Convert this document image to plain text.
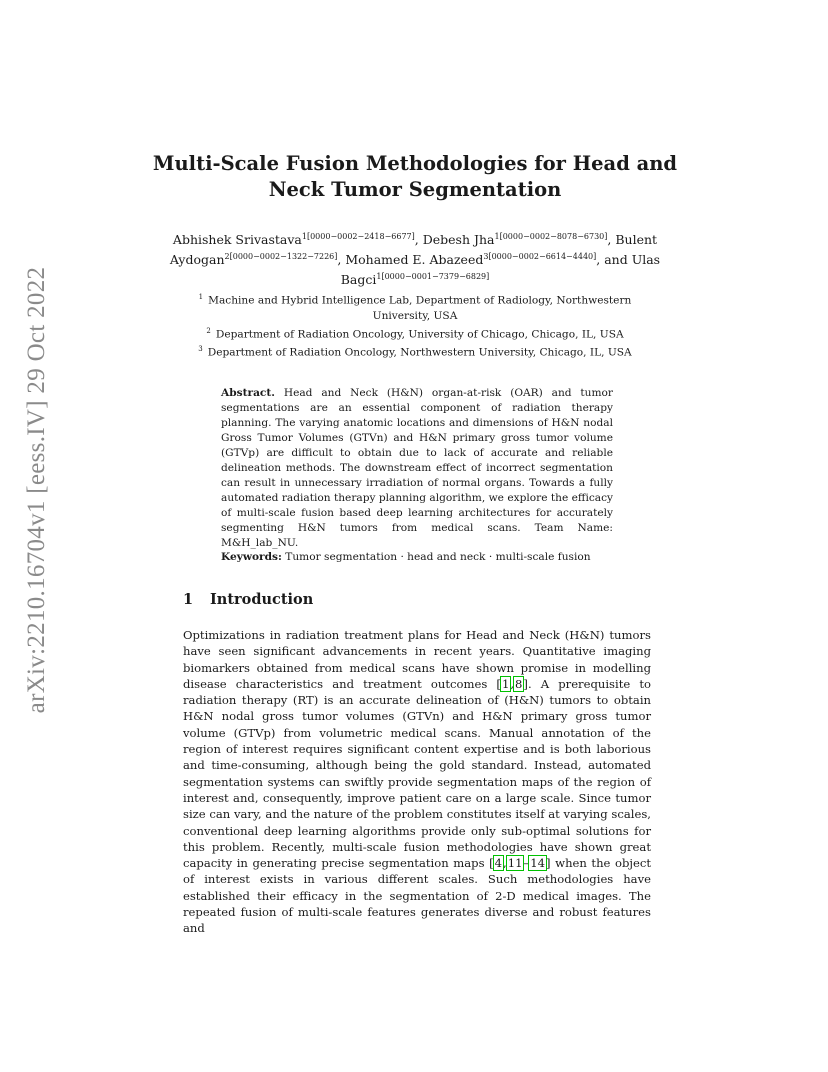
arXiv:2210.16704v1 [eess.IV] 29 Oct 2022
Multi-Scale Fusion Methodologies for Head and Neck Tumor Segmentation
Abhishek Srivastava$^{1[0000-0002-2418-6677]}$, Debesh Jha$^{1[0000-0002-8078-6730]}$, Bulent Aydogan$^{2[0000-0002-1322-7226]}$, Mohamed E. Abazeed$^{3[0000-0002-6614-4440]}$, and Ulas Bagci$^{1[0000-0001-7379-6829]}$
$^1$ Machine and Hybrid Intelligence Lab, Department of Radiology, Northwestern University, USA
$^2$ Department of Radiation Oncology, University of Chicago, Chicago, IL, USA
$^3$ Department of Radiation Oncology, Northwestern University, Chicago, IL, USA
Abstract. Head and Neck (H&N) organ-at-risk (OAR) and tumor segmentations are an essential component of radiation therapy planning. The varying anatomic locations and dimensions of H&N nodal Gross Tumor Volumes (GTVn) and H&N primary gross tumor volume (GTVp) are difficult to obtain due to lack of accurate and reliable delineation methods. The downstream effect of incorrect segmentation can result in unnecessary irradiation of normal organs. Towards a fully automated radiation therapy planning algorithm, we explore the efficacy of multi-scale fusion based deep learning architectures for accurately segmenting H&N tumors from medical scans. Team Name: M&H_lab_NU.
Keywords: Tumor segmentation · head and neck · multi-scale fusion
1 Introduction
Optimizations in radiation treatment plans for Head and Neck (H&N) tumors have seen significant advancements in recent years. Quantitative imaging biomarkers obtained from medical scans have shown promise in modelling disease characteristics and treatment outcomes [1,8]. A prerequisite to radiation therapy (RT) is an accurate delineation of (H&N) tumors to obtain H&N nodal gross tumor volumes (GTVn) and H&N primary gross tumor volume (GTVp) from volumetric medical scans. Manual annotation of the region of interest requires significant content expertise and is both laborious and time-consuming, although being the gold standard. Instead, automated segmentation systems can swiftly provide segmentation maps of the region of interest and, consequently, improve patient care on a large scale. Since tumor size can vary, and the nature of the problem constitutes itself at varying scales, conventional deep learning algorithms provide only sub-optimal solutions for this problem. Recently, multi-scale fusion methodologies have shown great capacity in generating precise segmentation maps [4,11–14] when the object of interest exists in various different scales. Such methodologies have established their efficacy in the segmentation of 2-D medical images. The repeated fusion of multi-scale features generates diverse and robust features and
